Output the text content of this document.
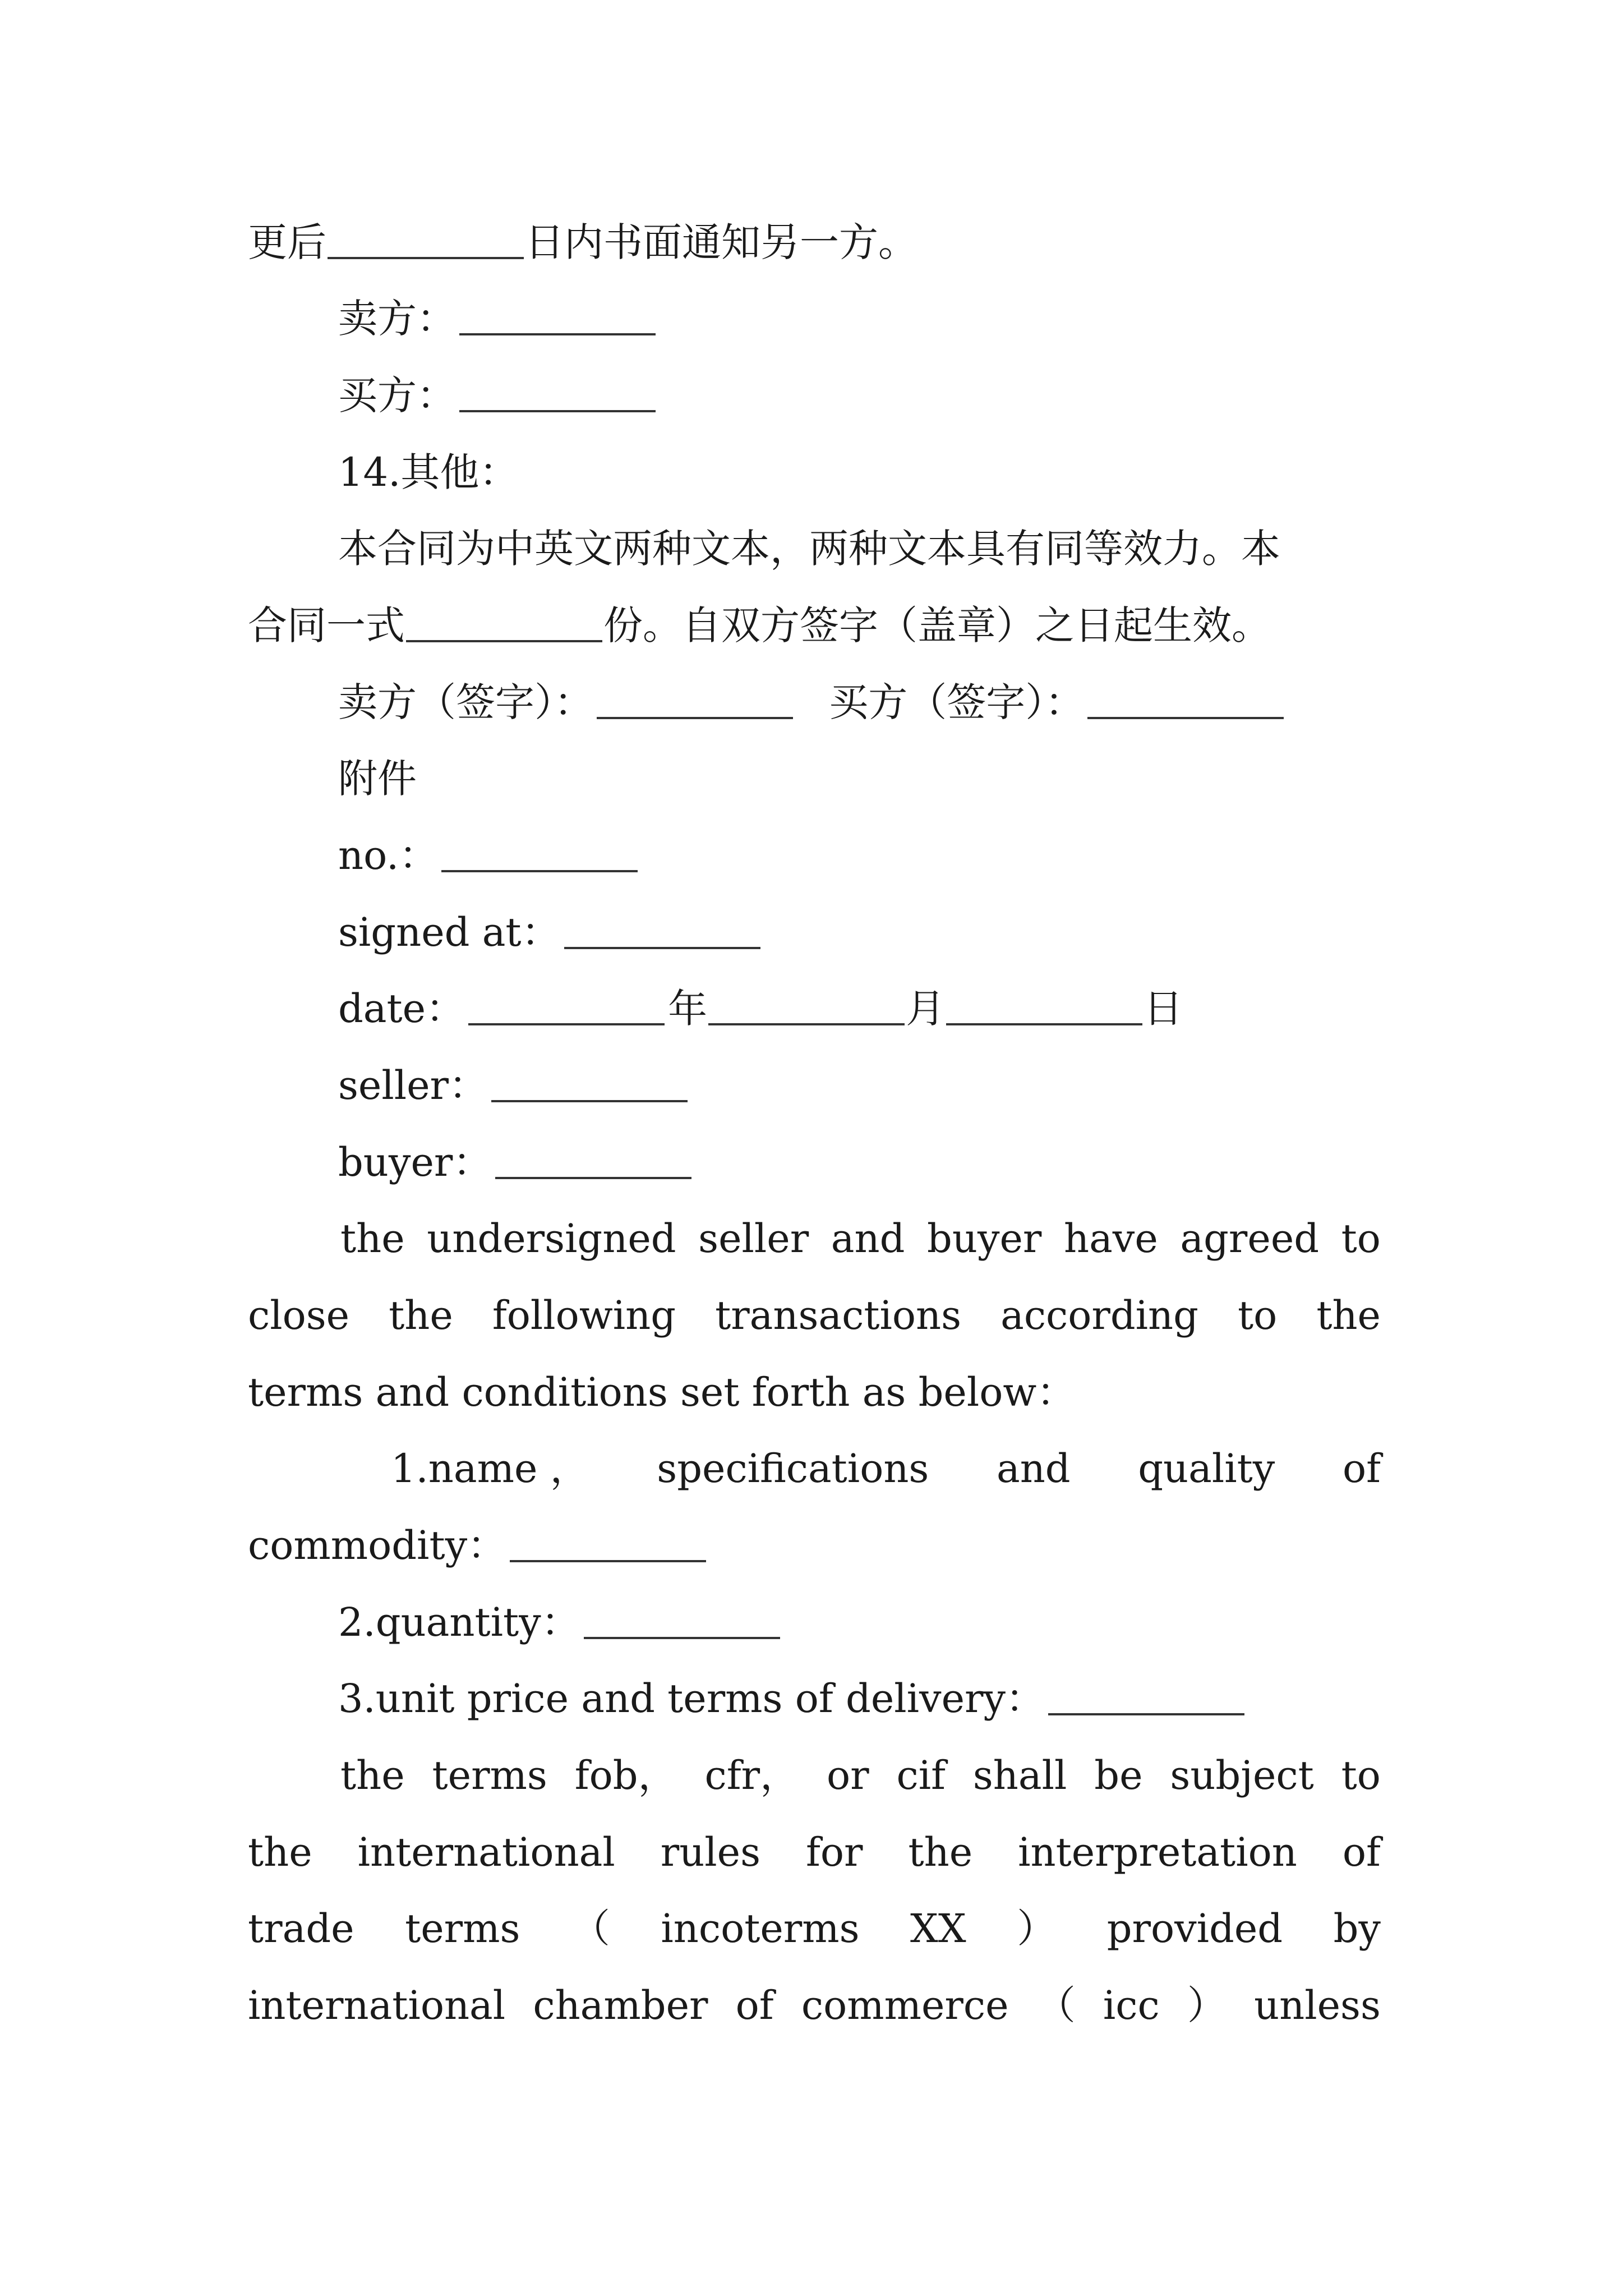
更后	日内书面通知另一方。
卖方：
买方：
14.其他：
本合同为中英文两种文本，两种文本具有同等效力。本
合同一式	份。自双方签字（盖章）之日起生效。
卖方（签字）：	买方（签字）：
附件
no.：
signed at：
date：	年	月	日
seller：
buyer：
the undersigned seller and buyer have agreed to
close the following transactions according to the
terms and conditions set forth as below：
1.name ， specifications and quality of
commodity：
2.quantity：
3.unit price and terms of delivery：
the terms fob， cfr， or cif shall be subject to
the international rules for the interpretation of
trade terms （ incoterms XX ） provided by
international chamber of commerce （ icc ） unless
